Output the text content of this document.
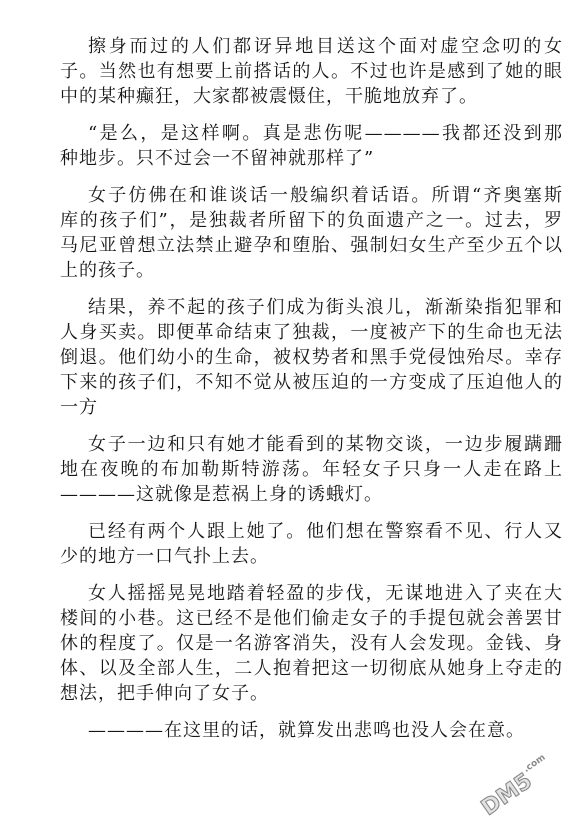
擦身而过的人们都讶异地目送这个面对虚空念叨的女
子。当然也有想要上前搭话的人。不过也许是感到了她的眼
中的某种癫狂，大家都被震慑住，干脆地放弃了。
“是么，是这样啊。真是悲伤呢————我都还没到那
种地步。只不过会一不留神就那样了”
女子仿佛在和谁谈话一般编织着话语。所谓“齐奥塞斯
库的孩子们”，是独裁者所留下的负面遗产之一。过去，罗
马尼亚曾想立法禁止避孕和堕胎、强制妇女生产至少五个以
上的孩子。
结果，养不起的孩子们成为街头浪儿，渐渐染指犯罪和
人身买卖。即便革命结束了独裁，一度被产下的生命也无法
倒退。他们幼小的生命，被权势者和黑手党侵蚀殆尽。幸存
下来的孩子们，不知不觉从被压迫的一方变成了压迫他人的
一方
女子一边和只有她才能看到的某物交谈，一边步履蹒跚
地在夜晚的布加勒斯特游荡。年轻女子只身一人走在路上
————这就像是惹祸上身的诱蛾灯。
已经有两个人跟上她了。他们想在警察看不见、行人又
少的地方一口气扑上去。
女人摇摇晃晃地踏着轻盈的步伐，无谋地进入了夹在大
楼间的小巷。这已经不是他们偷走女子的手提包就会善罢甘
休的程度了。仅是一名游客消失，没有人会发现。金钱、身
体、以及全部人生，二人抱着把这一切彻底从她身上夺走的
想法，把手伸向了女子。
————在这里的话，就算发出悲鸣也没人会在意。
DM5
.com
